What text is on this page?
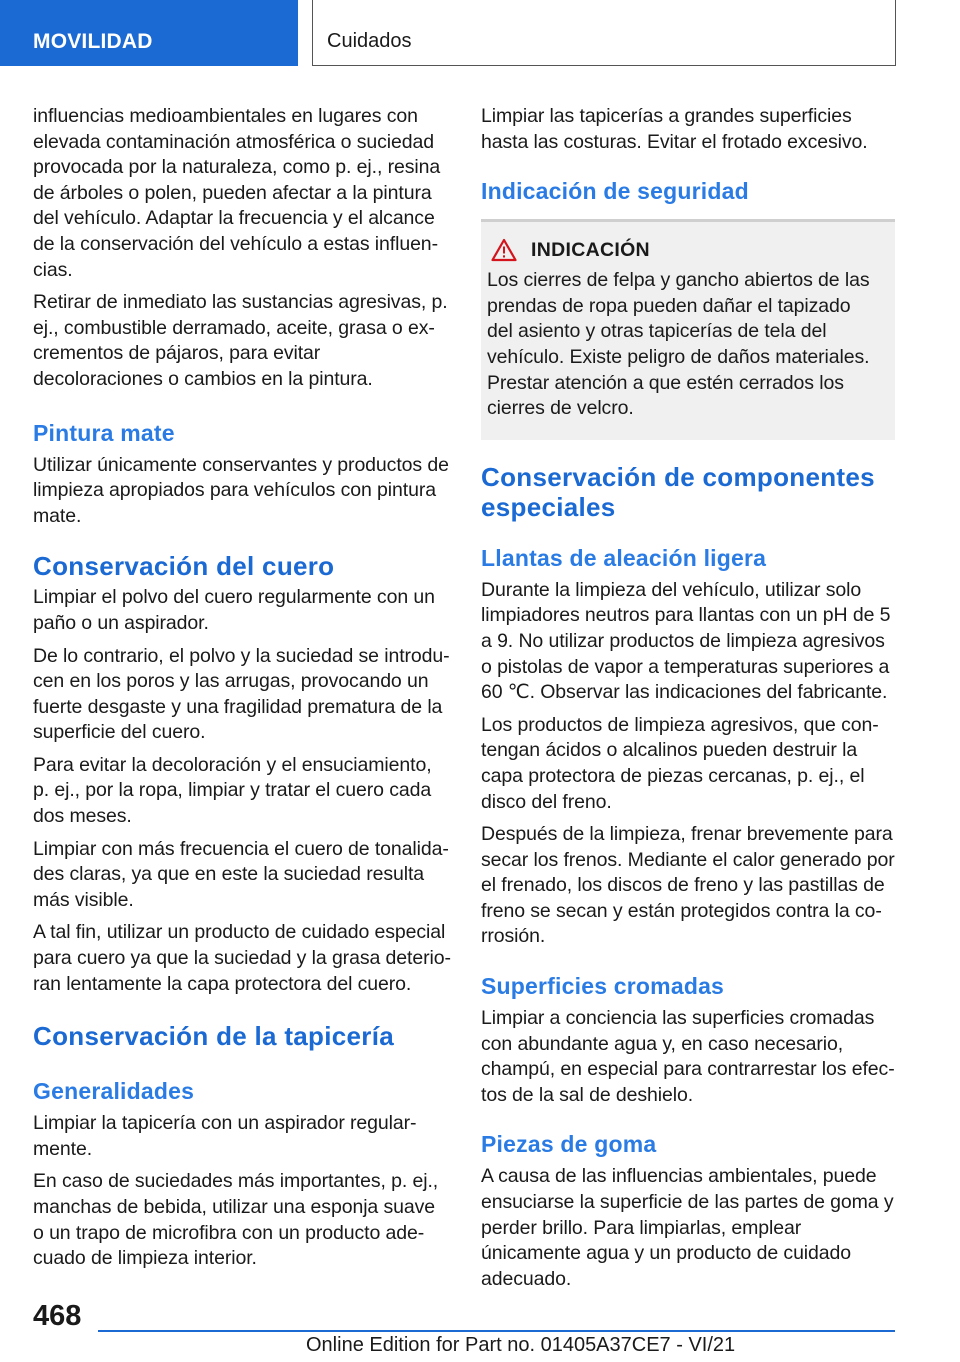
MOVILIDAD	Cuidados

influencias medioambientales en lugares con elevada contaminación atmosférica o suciedad provocada por la naturaleza, como p. ej., resina de árboles o polen, pueden afectar a la pintura del vehículo. Adaptar la frecuencia y el alcance de la conservación del vehículo a estas influencias.

Retirar de inmediato las sustancias agresivas, p. ej., combustible derramado, aceite, grasa o excrementos de pájaros, para evitar decoloraciones o cambios en la pintura.

Pintura mate

Utilizar únicamente conservantes y productos de limpieza apropiados para vehículos con pintura mate.

Conservación del cuero

Limpiar el polvo del cuero regularmente con un paño o un aspirador.

De lo contrario, el polvo y la suciedad se introducen en los poros y las arrugas, provocando un fuerte desgaste y una fragilidad prematura de la superficie del cuero.

Para evitar la decoloración y el ensuciamiento, p. ej., por la ropa, limpiar y tratar el cuero cada dos meses.

Limpiar con más frecuencia el cuero de tonalidades claras, ya que en este la suciedad resulta más visible.

A tal fin, utilizar un producto de cuidado especial para cuero ya que la suciedad y la grasa deterioran lentamente la capa protectora del cuero.

Conservación de la tapicería
Generalidades

Limpiar la tapicería con un aspirador regularmente.

En caso de suciedades más importantes, p. ej., manchas de bebida, utilizar una esponja suave o un trapo de microfibra con un producto adecuado de limpieza interior.

Limpiar las tapicerías a grandes superficies hasta las costuras. Evitar el frotado excesivo.

Indicación de seguridad
INDICACIÓN

Los cierres de felpa y gancho abiertos de las prendas de ropa pueden dañar el tapizado del asiento y otras tapicerías de tela del vehículo. Existe peligro de daños materiales. Prestar atención a que estén cerrados los cierres de velcro.

Conservación de componentes especiales
Llantas de aleación ligera

Durante la limpieza del vehículo, utilizar solo limpiadores neutros para llantas con un pH de 5 a 9. No utilizar productos de limpieza agresivos o pistolas de vapor a temperaturas superiores a 60 ℃. Observar las indicaciones del fabricante.

Los productos de limpieza agresivos, que contengan ácidos o alcalinos pueden destruir la capa protectora de piezas cercanas, p. ej., el disco del freno.

Después de la limpieza, frenar brevemente para secar los frenos. Mediante el calor generado por el frenado, los discos de freno y las pastillas de freno se secan y están protegidos contra la corrosión.

Superficies cromadas

Limpiar a conciencia las superficies cromadas con abundante agua y, en caso necesario, champú, en especial para contrarrestar los efectos de la sal de deshielo.

Piezas de goma

A causa de las influencias ambientales, puede ensuciarse la superficie de las partes de goma y perder brillo. Para limpiarlas, emplear únicamente agua y un producto de cuidado adecuado.

468
Online Edition for Part no. 01405A37CE7 - VI/21
